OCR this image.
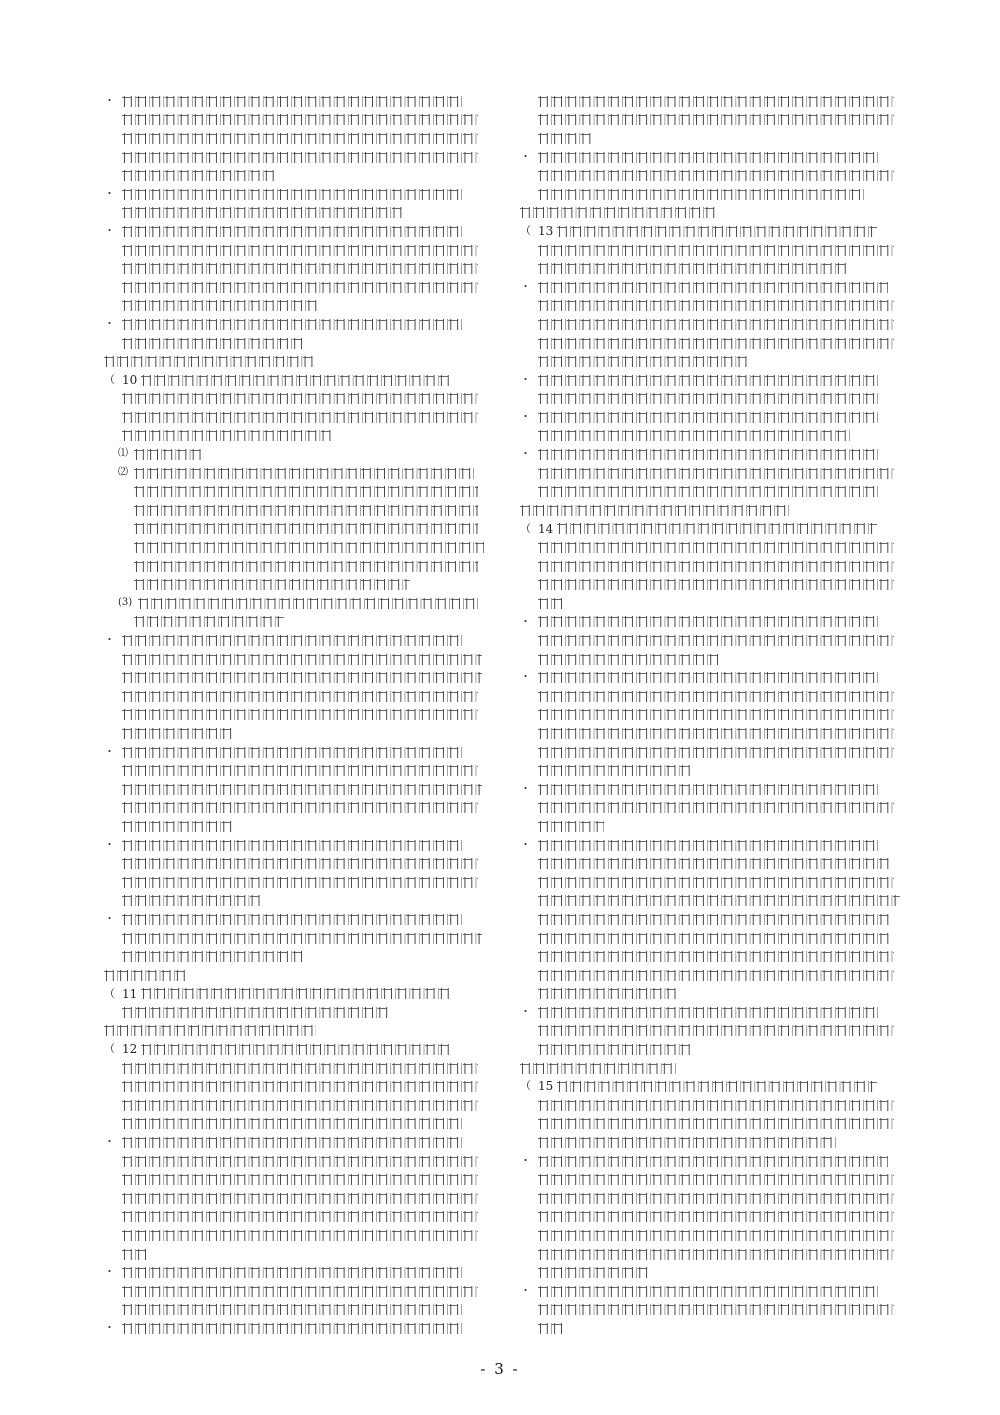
・
・
・
・
（ 10
⑴
⑵
(3)
・
・
・
・
（ 11
（ 12
・
・
・
・
（ 13
・
・
・
・
（ 14
・
・
・
・
・
（ 15
・
・
- 3 -
